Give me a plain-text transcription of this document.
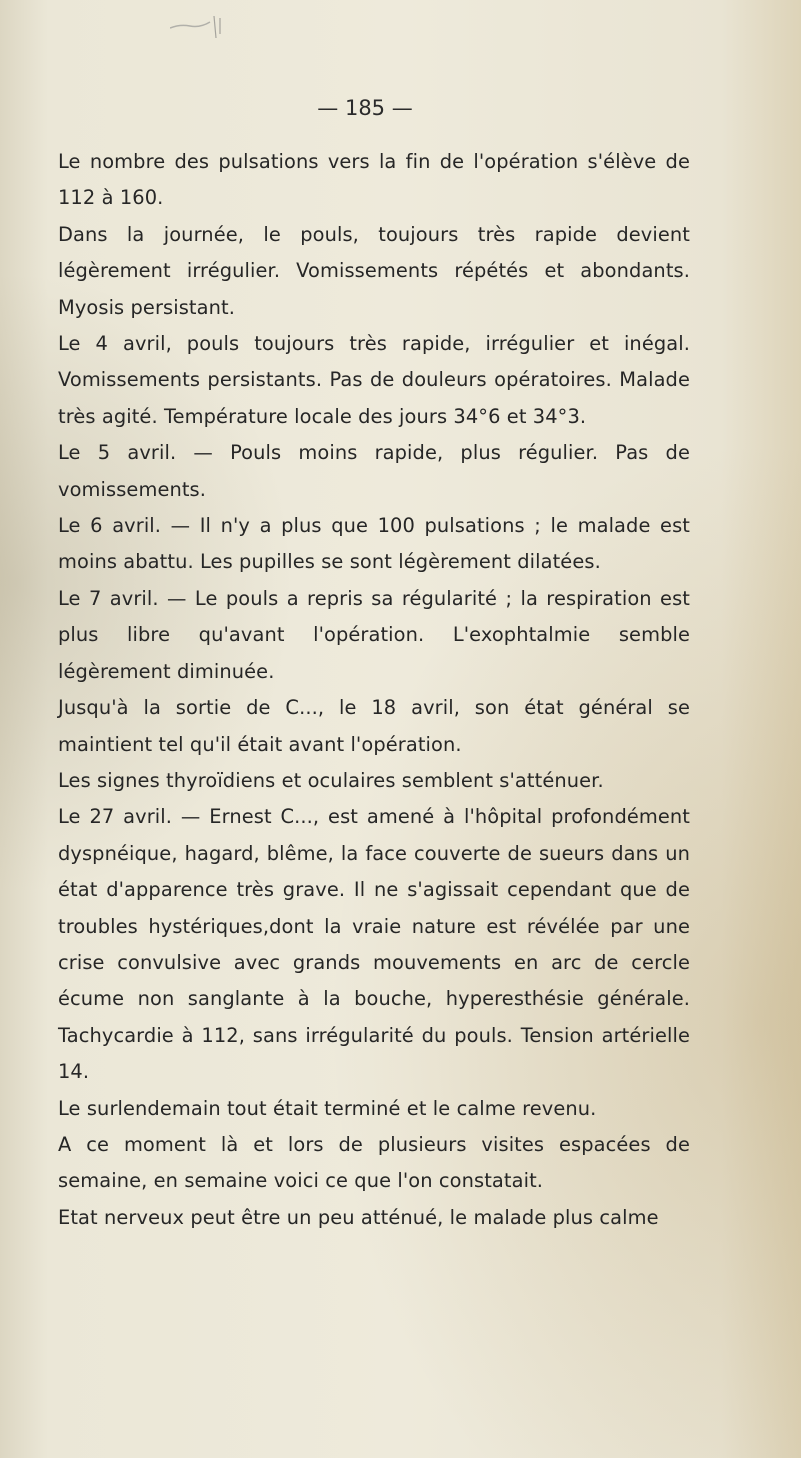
— 185 —

Le nombre des pulsations vers la fin de l'opération s'élève de 112 à 160.

Dans la journée, le pouls, toujours très rapide devient légèrement irrégulier. Vomissements répétés et abondants. Myosis persistant.

Le 4 avril, pouls toujours très rapide, irrégulier et inégal. Vomissements persistants. Pas de douleurs opératoires. Malade très agité. Température locale des jours 34°6 et 34°3.

Le 5 avril. — Pouls moins rapide, plus régulier. Pas de vomissements.

Le 6 avril. — Il n'y a plus que 100 pulsations ; le malade est moins abattu. Les pupilles se sont légèrement dilatées.

Le 7 avril. — Le pouls a repris sa régularité ; la respiration est plus libre qu'avant l'opération. L'exophtalmie semble légèrement diminuée.

Jusqu'à la sortie de C..., le 18 avril, son état général se maintient tel qu'il était avant l'opération.

Les signes thyroïdiens et oculaires semblent s'atténuer.

Le 27 avril. — Ernest C..., est amené à l'hôpital profondément dyspnéique, hagard, blême, la face couverte de sueurs dans un état d'apparence très grave. Il ne s'agissait cependant que de troubles hystériques,dont la vraie nature est révélée par une crise convulsive avec grands mouvements en arc de cercle écume non sanglante à la bouche, hyperesthésie générale. Tachycardie à 112, sans irrégularité du pouls. Tension artérielle 14.

Le surlendemain tout était terminé et le calme revenu.

A ce moment là et lors de plusieurs visites espacées de semaine, en semaine voici ce que l'on constatait.

Etat nerveux peut être un peu atténué, le malade plus calme
